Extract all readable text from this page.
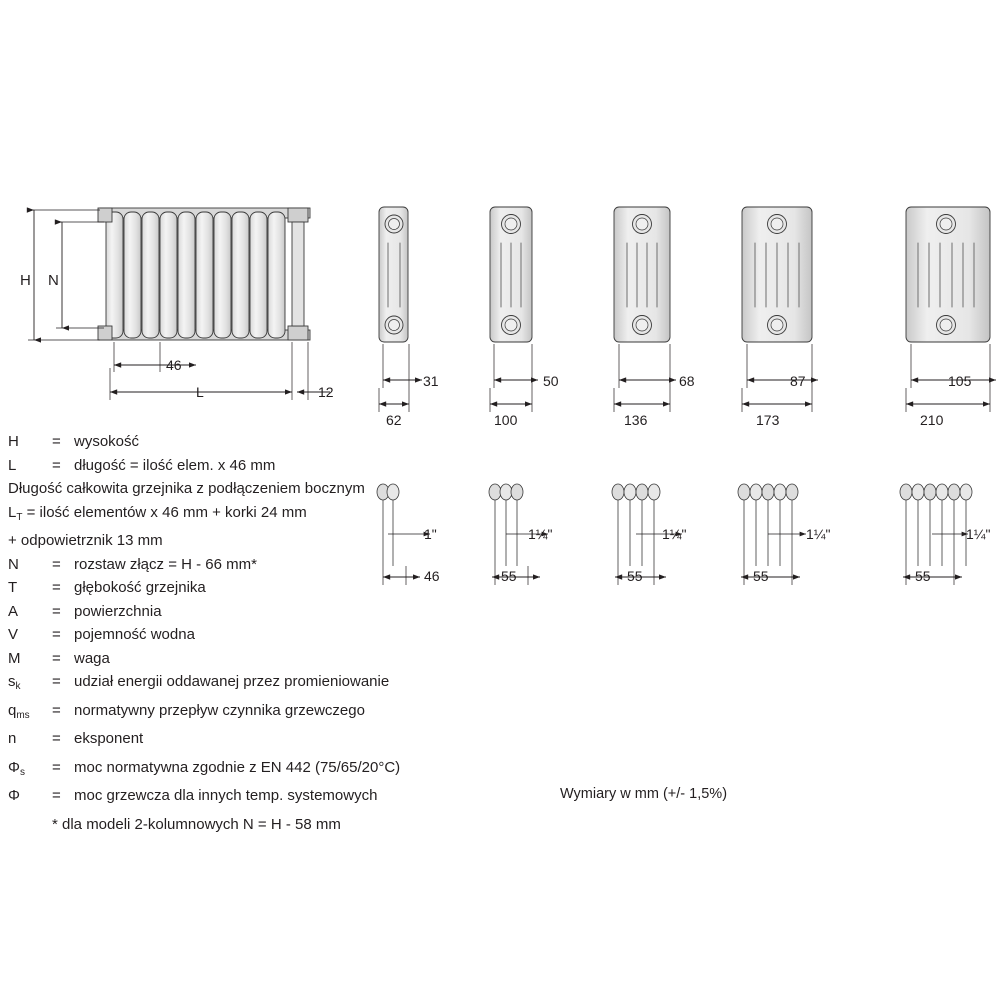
H N
46
L	12
31
62
50
100
68
136
87
173
105
210
1"	1¼"	1¼"	1¼"	1¼"
46	55	55	55	55
H	= wysokość
L	= długość = ilość elem. x 46 mm
Długość całkowita grzejnika z podłączeniem bocznym
$L_T$ = ilość elementów x 46 mm + korki 24 mm
+ odpowietrznik 13 mm
N	= rozstaw złącz = H - 66 mm*
T	= głębokość grzejnika
A	= powierzchnia
V	= pojemność wodna
M	= waga
$s_k$	= udział energii oddawanej przez promieniowanie
$q_{ms}$	= normatywny przepływ czynnika grzewczego
n	= eksponent
$\Phi_s$	= moc normatywna zgodnie z EN 442 (75/65/20°C)
Φ	= moc grzewcza dla innych temp. systemowych
* dla modeli 2-kolumnowych N = H - 58 mm
Wymiary w mm (+/- 1,5%)
